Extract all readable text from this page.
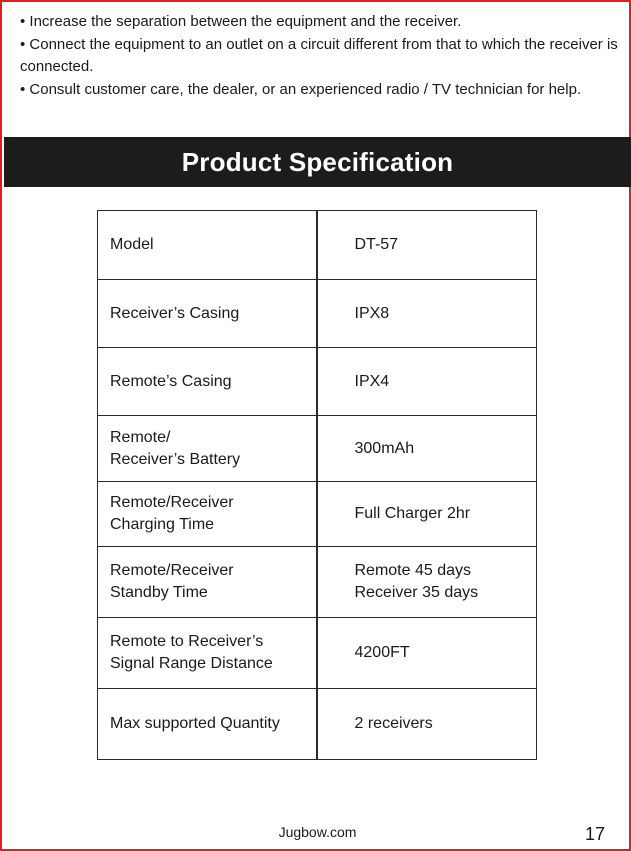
• Increase the separation between the equipment and the receiver.

• Connect the equipment to an outlet on a circuit different from that to which the receiver is connected.

• Consult customer care, the dealer, or an experienced radio / TV technician for help.

Product Specification
Model	DT-57

Receiver’s Casing	IPX8

Remote’s Casing	IPX4

Remote/
Receiver’s Battery	300mAh

Remote/Receiver
Charging Time	Full Charger 2hr

Remote/Receiver
Standby Time	Remote 45 days
Receiver 35 days

Remote to Receiver’s
Signal Range Distance	4200FT

Max supported Quantity	2 receivers
Jugbow.com	17
